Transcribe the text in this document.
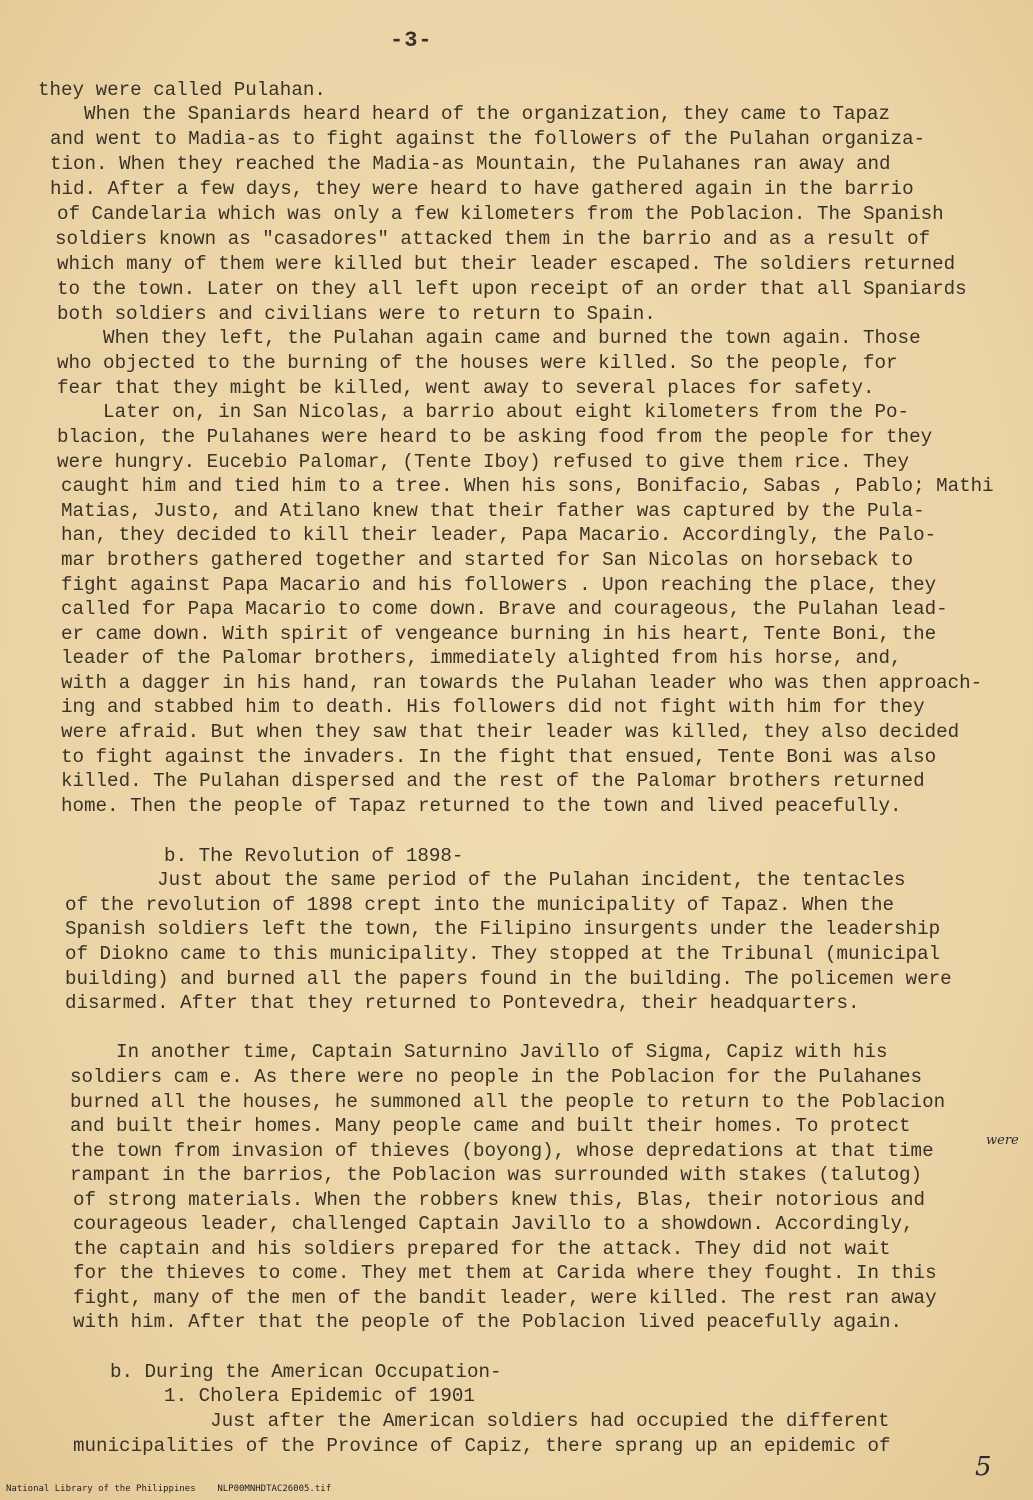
-3-
they were called Pulahan.
When the Spaniards heard heard of the organization, they came to Tapaz
and went to Madia-as to fight against the followers of the Pulahan organiza-
tion. When they reached the Madia-as Mountain, the Pulahanes ran away and
hid. After a few days, they were heard to have gathered again in the barrio
of Candelaria which was only a few kilometers from the Poblacion. The Spanish
soldiers known as "casadores" attacked them in the barrio and as a result of
which many of them were killed but their leader escaped. The soldiers returned
to the town. Later on they all left upon receipt of an order that all Spaniards
both soldiers and civilians were to return to Spain.
When they left, the Pulahan again came and burned the town again. Those
who objected to the burning of the houses were killed. So the people, for
fear that they might be killed, went away to several places for safety.
Later on, in San Nicolas, a barrio about eight kilometers from the Po-
blacion, the Pulahanes were heard to be asking food from the people for they
were hungry. Eucebio Palomar, (Tente Iboy) refused to give them rice. They
caught him and tied him to a tree. When his sons, Bonifacio, Sabas , Pablo; Mathi
Matias, Justo, and Atilano knew that their father was captured by the Pula-
han, they decided to kill their leader, Papa Macario. Accordingly, the Palo-
mar brothers gathered together and started for San Nicolas on horseback to
fight against Papa Macario and his followers . Upon reaching the place, they
called for Papa Macario to come down. Brave and courageous, the Pulahan lead-
er came down. With spirit of vengeance burning in his heart, Tente Boni, the
leader of the Palomar brothers, immediately alighted from his horse, and,
with a dagger in his hand, ran towards the Pulahan leader who was then approach-
ing and stabbed him to death. His followers did not fight with him for they
were afraid. But when they saw that their leader was killed, they also decided
to fight against the invaders. In the fight that ensued, Tente Boni was also
killed. The Pulahan dispersed and the rest of the Palomar brothers returned
home. Then the people of Tapaz returned to the town and lived peacefully.
b. The Revolution of 1898-
Just about the same period of the Pulahan incident, the tentacles
of the revolution of 1898 crept into the municipality of Tapaz. When the
Spanish soldiers left the town, the Filipino insurgents under the leadership
of Diokno came to this municipality. They stopped at the Tribunal (municipal
building) and burned all the papers found in the building. The policemen were
disarmed. After that they returned to Pontevedra, their headquarters.
In another time, Captain Saturnino Javillo of Sigma, Capiz with his
soldiers cam e. As there were no people in the Poblacion for the Pulahanes
burned all the houses, he summoned all the people to return to the Poblacion
and built their homes. Many people came and built their homes. To protect
the town from invasion of thieves (boyong), whose depredations at that time
rampant in the barrios, the Poblacion was surrounded with stakes (talutog)
of strong materials. When the robbers knew this, Blas, their notorious and
courageous leader, challenged Captain Javillo to a showdown. Accordingly,
the captain and his soldiers prepared for the attack. They did not wait
for the thieves to come. They met them at Carida where they fought. In this
fight, many of the men of the bandit leader, were killed. The rest ran away
with him. After that the people of the Poblacion lived peacefully again.
b. During the American Occupation-
1. Cholera Epidemic of 1901
Just after the American soldiers had occupied the different
municipalities of the Province of Capiz, there sprang up an epidemic of
were
5
National Library of the Philippines    NLP00MNHDTAC26005.tif
